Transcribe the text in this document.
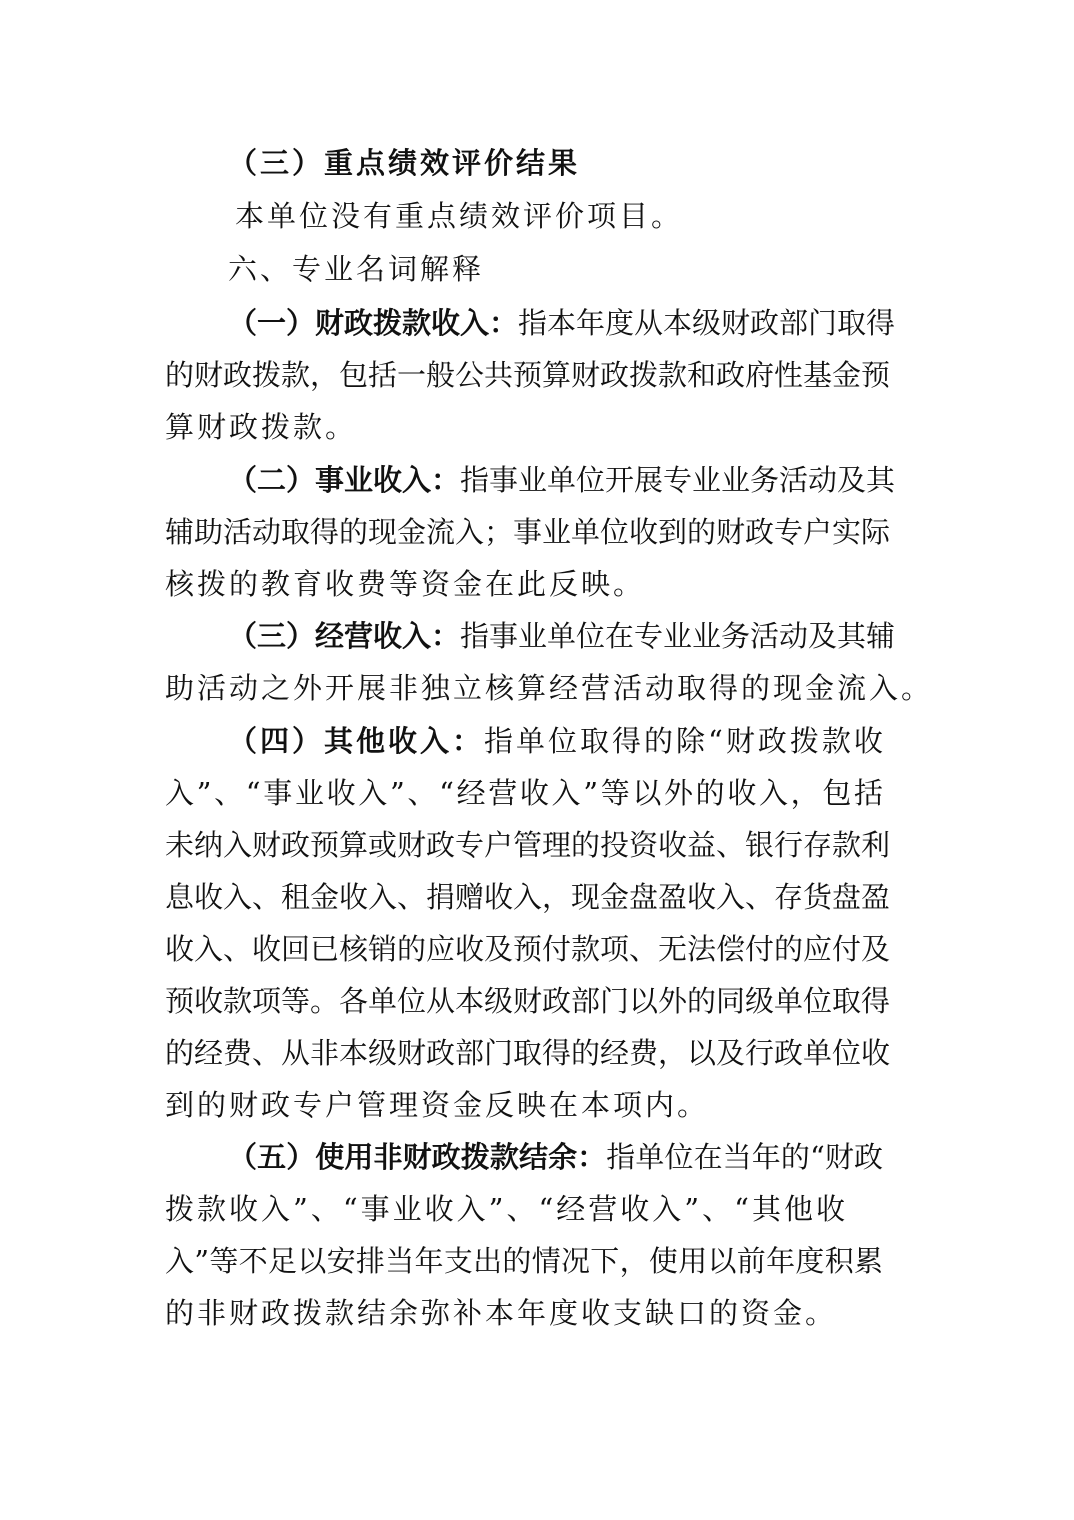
（三）重点绩效评价结果
本单位没有重点绩效评价项目。
六、专业名词解释
（一）财政拨款收入：指本年度从本级财政部门取得
的财政拨款，包括一般公共预算财政拨款和政府性基金预
算财政拨款。
（二）事业收入：指事业单位开展专业业务活动及其
辅助活动取得的现金流入；事业单位收到的财政专户实际
核拨的教育收费等资金在此反映。
（三）经营收入：指事业单位在专业业务活动及其辅
助活动之外开展非独立核算经营活动取得的现金流入。
（四）其他收入：指单位取得的除“财政拨款收
入”、“事业收入”、“经营收入”等以外的收入，包括
未纳入财政预算或财政专户管理的投资收益、银行存款利
息收入、租金收入、捐赠收入，现金盘盈收入、存货盘盈
收入、收回已核销的应收及预付款项、无法偿付的应付及
预收款项等。各单位从本级财政部门以外的同级单位取得
的经费、从非本级财政部门取得的经费，以及行政单位收
到的财政专户管理资金反映在本项内。
（五）使用非财政拨款结余：指单位在当年的“财政
拨款收入”、“事业收入”、“经营收入”、“其他收
入”等不足以安排当年支出的情况下，使用以前年度积累
的非财政拨款结余弥补本年度收支缺口的资金。
